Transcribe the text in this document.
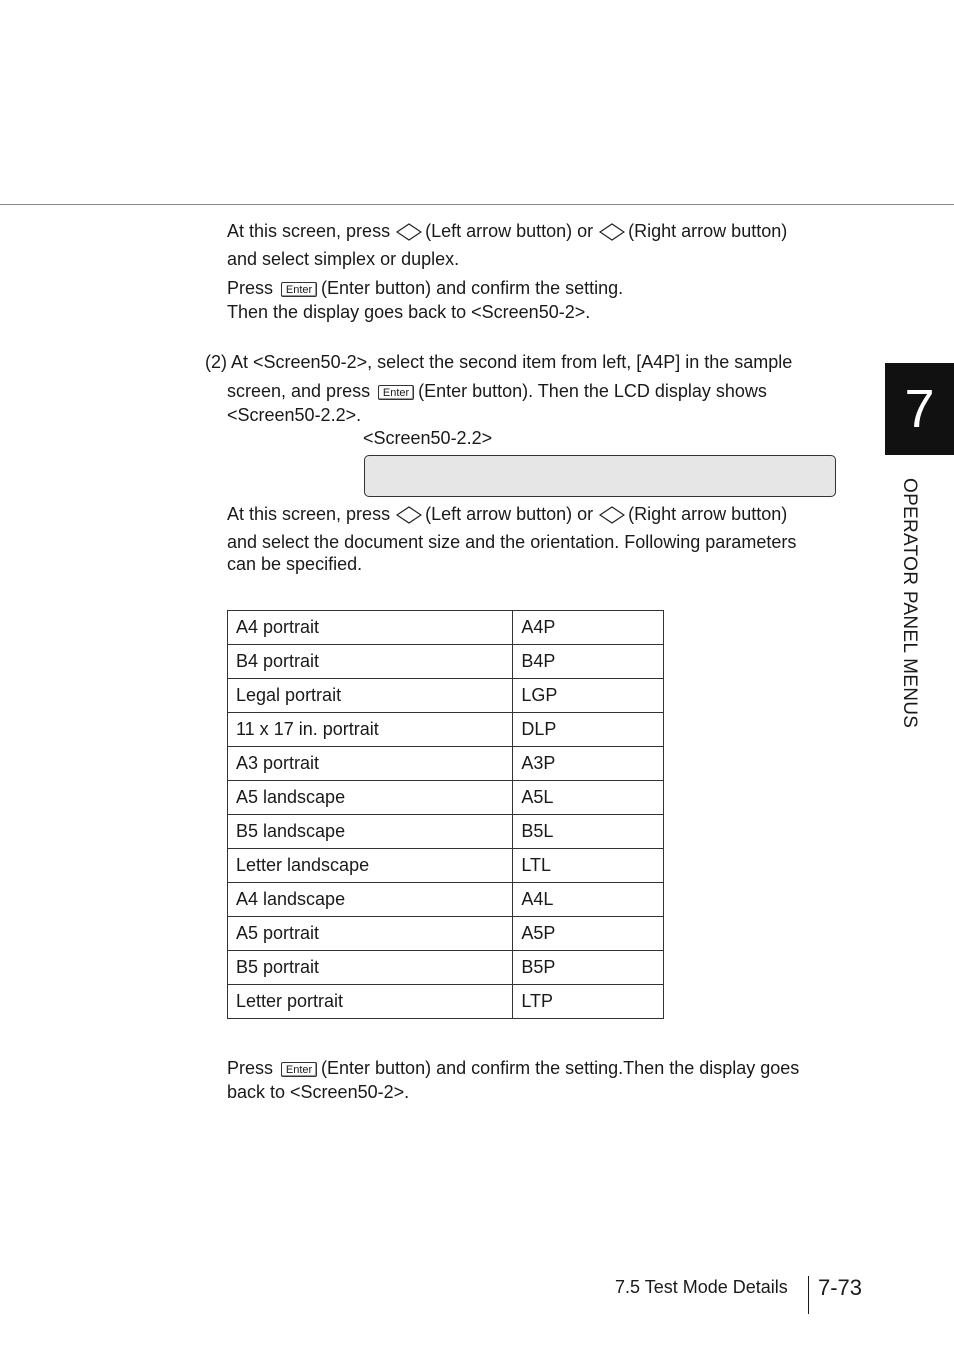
At this screen, press (Left arrow button) or (Right arrow button)
and select simplex or duplex.
Press Enter (Enter button) and confirm the setting.
Then the display goes back to <Screen50-2>.
(2) At <Screen50-2>, select the second item from left, [A4P] in the sample
screen, and press Enter (Enter button). Then the LCD display shows
<Screen50-2.2>.
<Screen50-2.2>
At this screen, press (Left arrow button) or (Right arrow button)
and select the document size and the orientation. Following parameters
can be specified.
A4 portrait	A4P
B4 portrait	B4P
Legal portrait	LGP
11 x 17 in. portrait	DLP
A3 portrait	A3P
A5 landscape	A5L
B5 landscape	B5L
Letter landscape	LTL
A4 landscape	A4L
A5 portrait	A5P
B5 portrait	B5P
Letter portrait	LTP
Press Enter (Enter button) and confirm the setting.Then the display goes
back to <Screen50-2>.
7
OPERATOR PANEL MENUS
7.5 Test Mode Details 7-73
